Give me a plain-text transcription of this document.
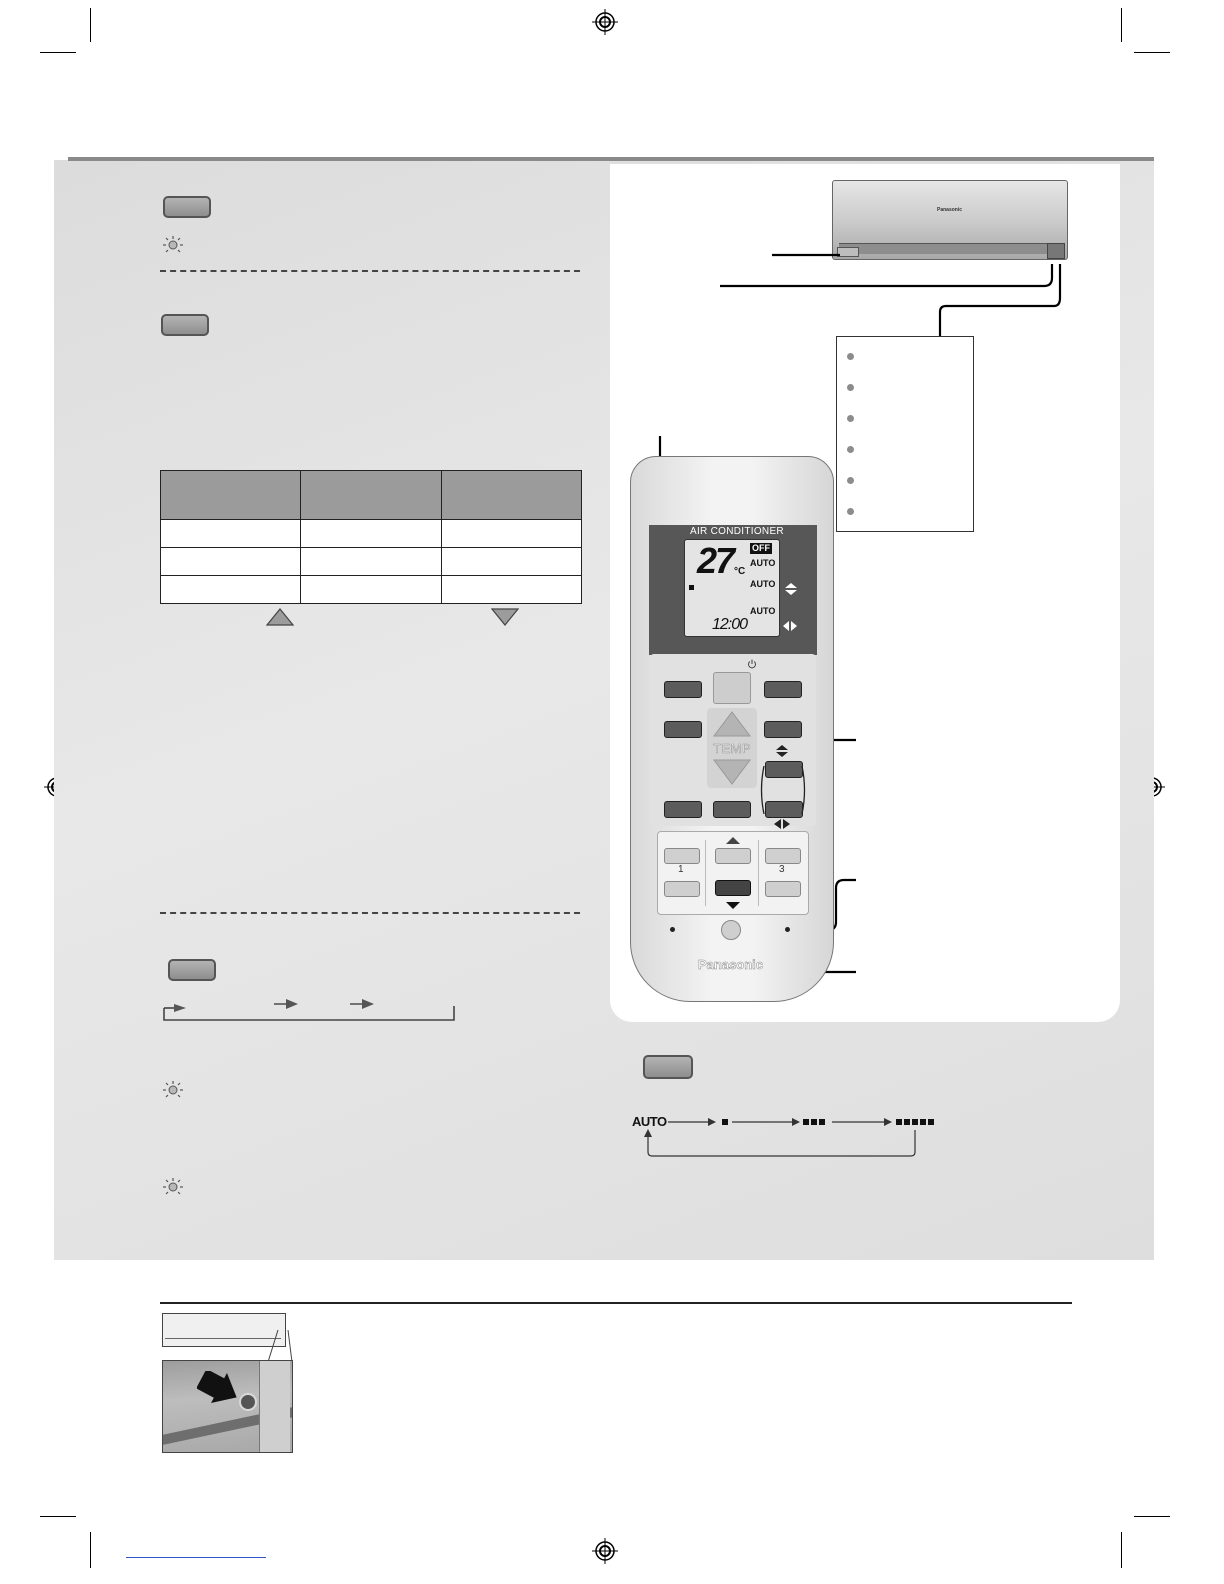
Panasonic
AIR CONDITIONER
27 °C
OFF
AUTO
AUTO
AUTO
12:00
TEMP
1	3
Panasonic
AUTO
